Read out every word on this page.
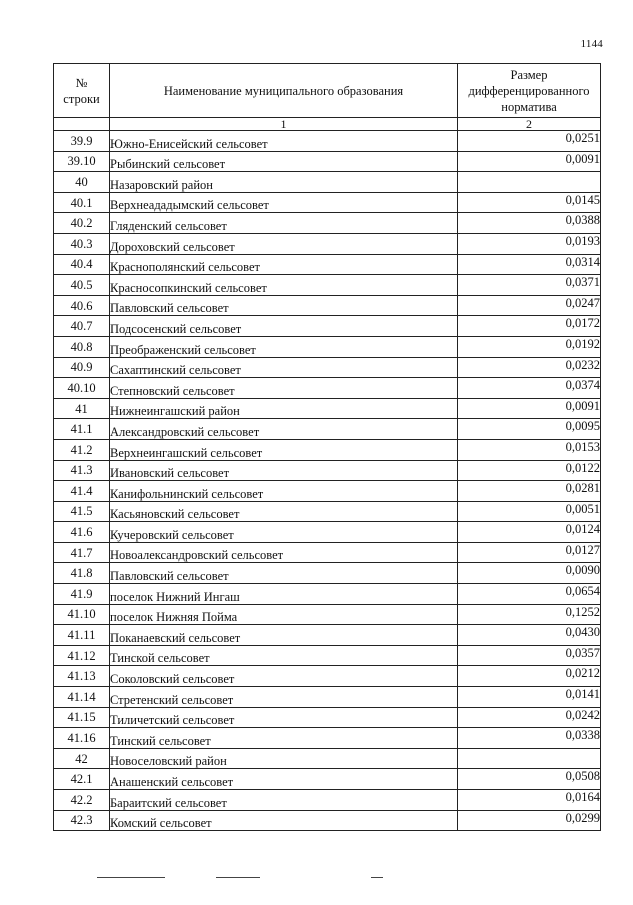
1144
№ строки	Наименование муниципального образования	Размер дифференцированного норматива
	1	2
39.9	Южно-Енисейский сельсовет	0,0251
39.10	Рыбинский сельсовет	0,0091
40	Назаровский район	
40.1	Верхнеададымский сельсовет	0,0145
40.2	Гляденский сельсовет	0,0388
40.3	Дороховский сельсовет	0,0193
40.4	Краснополянский сельсовет	0,0314
40.5	Красносопкинский сельсовет	0,0371
40.6	Павловский сельсовет	0,0247
40.7	Подсосенский сельсовет	0,0172
40.8	Преображенский сельсовет	0,0192
40.9	Сахаптинский сельсовет	0,0232
40.10	Степновский сельсовет	0,0374
41	Нижнеингашский район	0,0091
41.1	Александровский сельсовет	0,0095
41.2	Верхнеингашский сельсовет	0,0153
41.3	Ивановский сельсовет	0,0122
41.4	Канифольнинский сельсовет	0,0281
41.5	Касьяновский сельсовет	0,0051
41.6	Кучеровский сельсовет	0,0124
41.7	Новоалександровский сельсовет	0,0127
41.8	Павловский сельсовет	0,0090
41.9	поселок Нижний Ингаш	0,0654
41.10	поселок Нижняя Пойма	0,1252
41.11	Поканаевский сельсовет	0,0430
41.12	Тинской сельсовет	0,0357
41.13	Соколовский сельсовет	0,0212
41.14	Стретенский сельсовет	0,0141
41.15	Тиличетский сельсовет	0,0242
41.16	Тинский сельсовет	0,0338
42	Новоселовский район	
42.1	Анашенский сельсовет	0,0508
42.2	Бараитский сельсовет	0,0164
42.3	Комский сельсовет	0,0299
